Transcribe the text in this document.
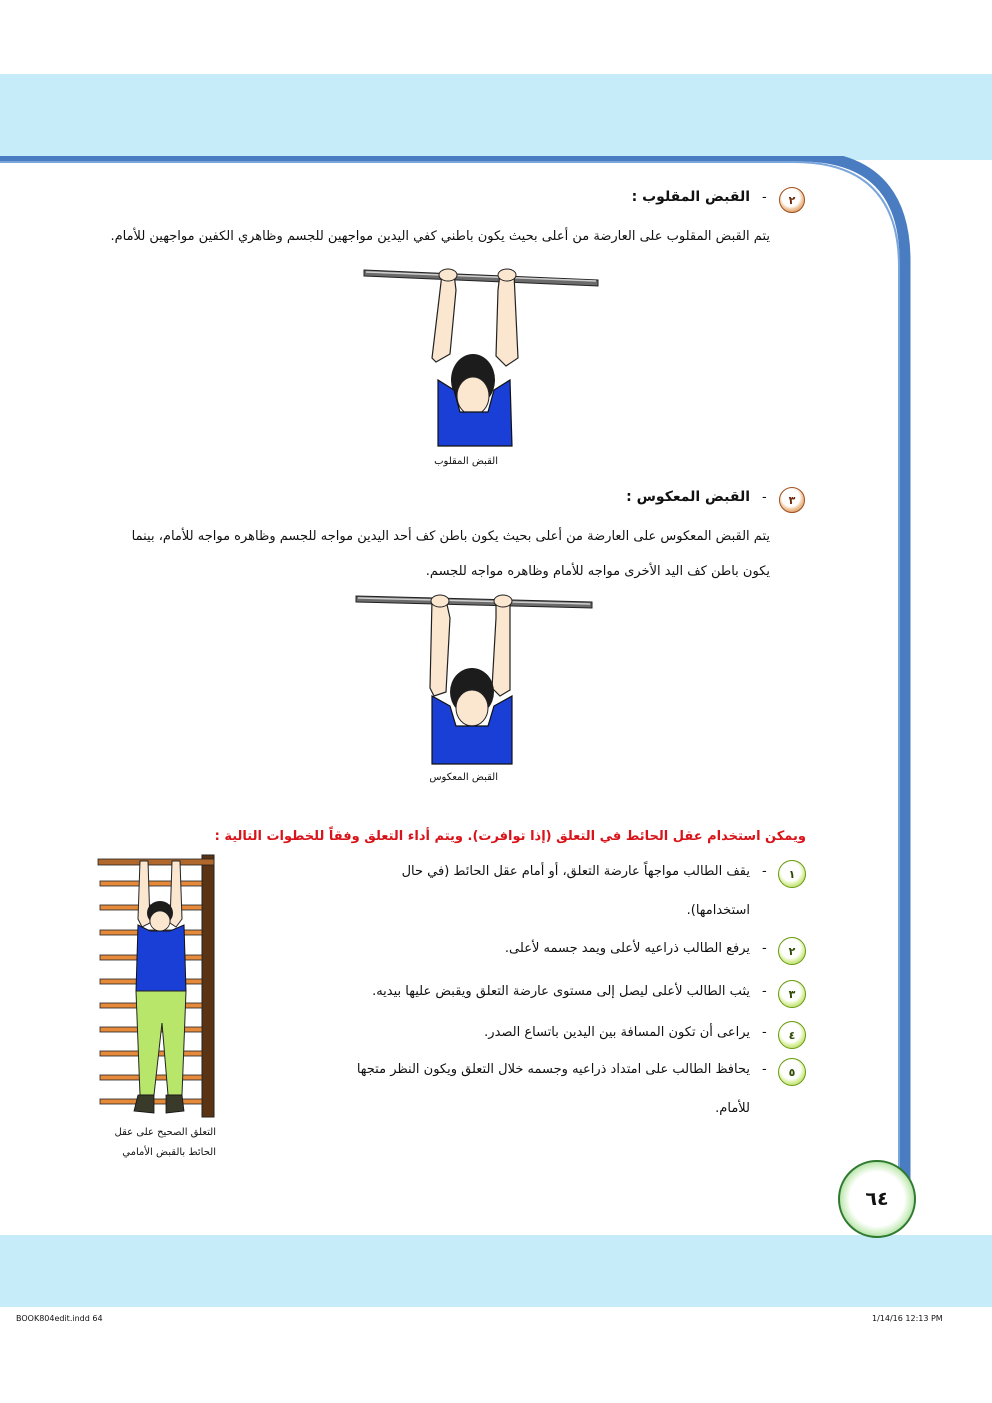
٢
-
القبض المقلوب :
يتم القبض المقلوب على العارضة من أعلى بحيث يكون باطني كفي اليدين مواجهين للجسم وظاهري الكفين مواجهين للأمام.
القبض المقلوب
٣
-
القبض المعكوس :
يتم القبض المعكوس على العارضة من أعلى بحيث يكون باطن كف أحد اليدين مواجه للجسم وظاهره مواجه للأمام، بينما
يكون باطن كف اليد الأخرى مواجه للأمام وظاهره مواجه للجسم.
القبض المعكوس
ويمكن استخدام عقل الحائط في التعلق (إذا توافرت). ويتم أداء التعلق وفقاً للخطوات التالية :
١
-
يقف الطالب مواجهاً عارضة التعلق، أو أمام عقل الحائط (في حال
استخدامها).
٢
-
يرفع الطالب ذراعيه لأعلى ويمد جسمه لأعلى.
٣
-
يثب الطالب لأعلى ليصل إلى مستوى عارضة التعلق ويقبض عليها بيديه.
٤
-
يراعى أن تكون المسافة بين اليدين باتساع الصدر.
٥
-
يحافظ الطالب على امتداد ذراعيه وجسمه خلال التعلق ويكون النظر متجها
للأمام.
التعلق الصحيح على عقل
الحائط بالقبض الأمامي
٦٤
BOOK804edit.indd 64	1/14/16 12:13 PM
